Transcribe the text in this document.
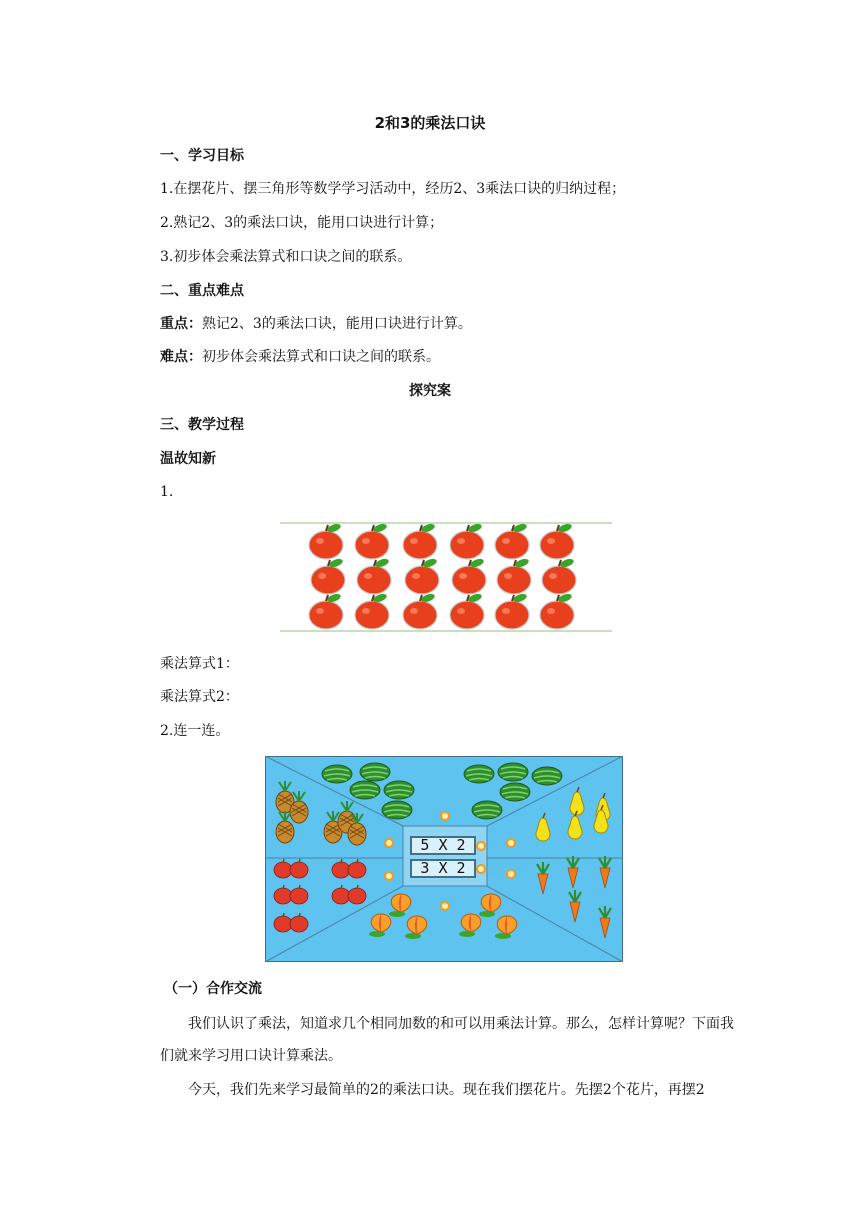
2和3的乘法口诀
一、学习目标
1.在摆花片、摆三角形等数学学习活动中，经历2、3乘法口诀的归纳过程；
2.熟记2、3的乘法口诀，能用口诀进行计算；
3.初步体会乘法算式和口诀之间的联系。
二、重点难点
重点：熟记2、3的乘法口诀，能用口诀进行计算。
难点：初步体会乘法算式和口诀之间的联系。
探究案
三、教学过程
温故知新
1.
乘法算式1：
乘法算式2：
2.连一连。
5 X 2
3 X 2
（一）合作交流
我们认识了乘法，知道求几个相同加数的和可以用乘法计算。那么，怎样计算呢？下面我们就来学习用口诀计算乘法。
今天，我们先来学习最简单的2的乘法口诀。现在我们摆花片。先摆2个花片，再摆2
